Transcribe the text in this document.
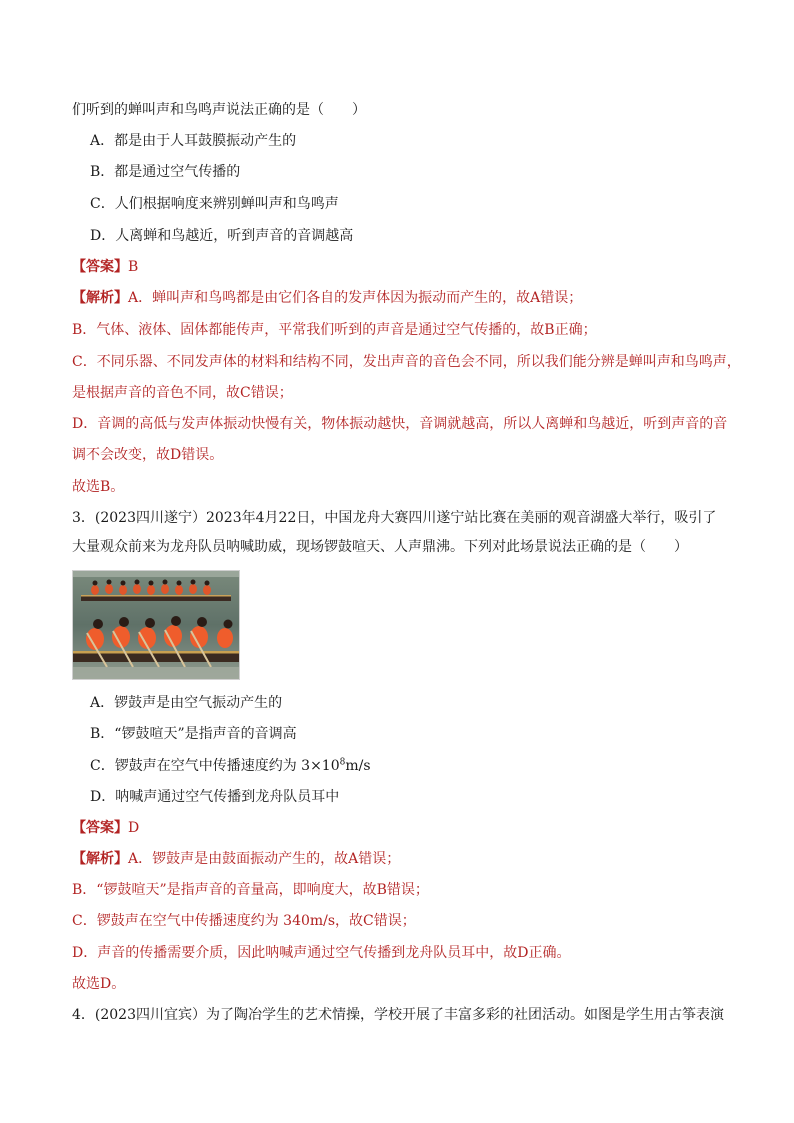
们听到的蝉叫声和鸟鸣声说法正确的是（　　）
A．都是由于人耳鼓膜振动产生的
B．都是通过空气传播的
C．人们根据响度来辨别蝉叫声和鸟鸣声
D．人离蝉和鸟越近，听到声音的音调越高
【答案】B
【解析】A．蝉叫声和鸟鸣都是由它们各自的发声体因为振动而产生的，故A错误；
B．气体、液体、固体都能传声，平常我们听到的声音是通过空气传播的，故B正确；
C．不同乐器、不同发声体的材料和结构不同，发出声音的音色会不同，所以我们能分辨是蝉叫声和鸟鸣声，
是根据声音的音色不同，故C错误；
D．音调的高低与发声体振动快慢有关，物体振动越快，音调就越高，所以人离蝉和鸟越近，听到声音的音
调不会改变，故D错误。
故选B。
3．(2023四川遂宁）2023年4月22日，中国龙舟大赛四川遂宁站比赛在美丽的观音湖盛大举行，吸引了
大量观众前来为龙舟队员呐喊助威，现场锣鼓喧天、人声鼎沸。下列对此场景说法正确的是（　　）
A．锣鼓声是由空气振动产生的
B．“锣鼓喧天”是指声音的音调高
C．锣鼓声在空气中传播速度约为 $3\times 10^8m/s$
D．呐喊声通过空气传播到龙舟队员耳中
【答案】D
【解析】A．锣鼓声是由鼓面振动产生的，故A错误；
B．“锣鼓喧天”是指声音的音量高，即响度大，故B错误；
C．锣鼓声在空气中传播速度约为 340m/s，故C错误；
D．声音的传播需要介质，因此呐喊声通过空气传播到龙舟队员耳中，故D正确。
故选D。
4．(2023四川宜宾）为了陶冶学生的艺术情操，学校开展了丰富多彩的社团活动。如图是学生用古筝表演
